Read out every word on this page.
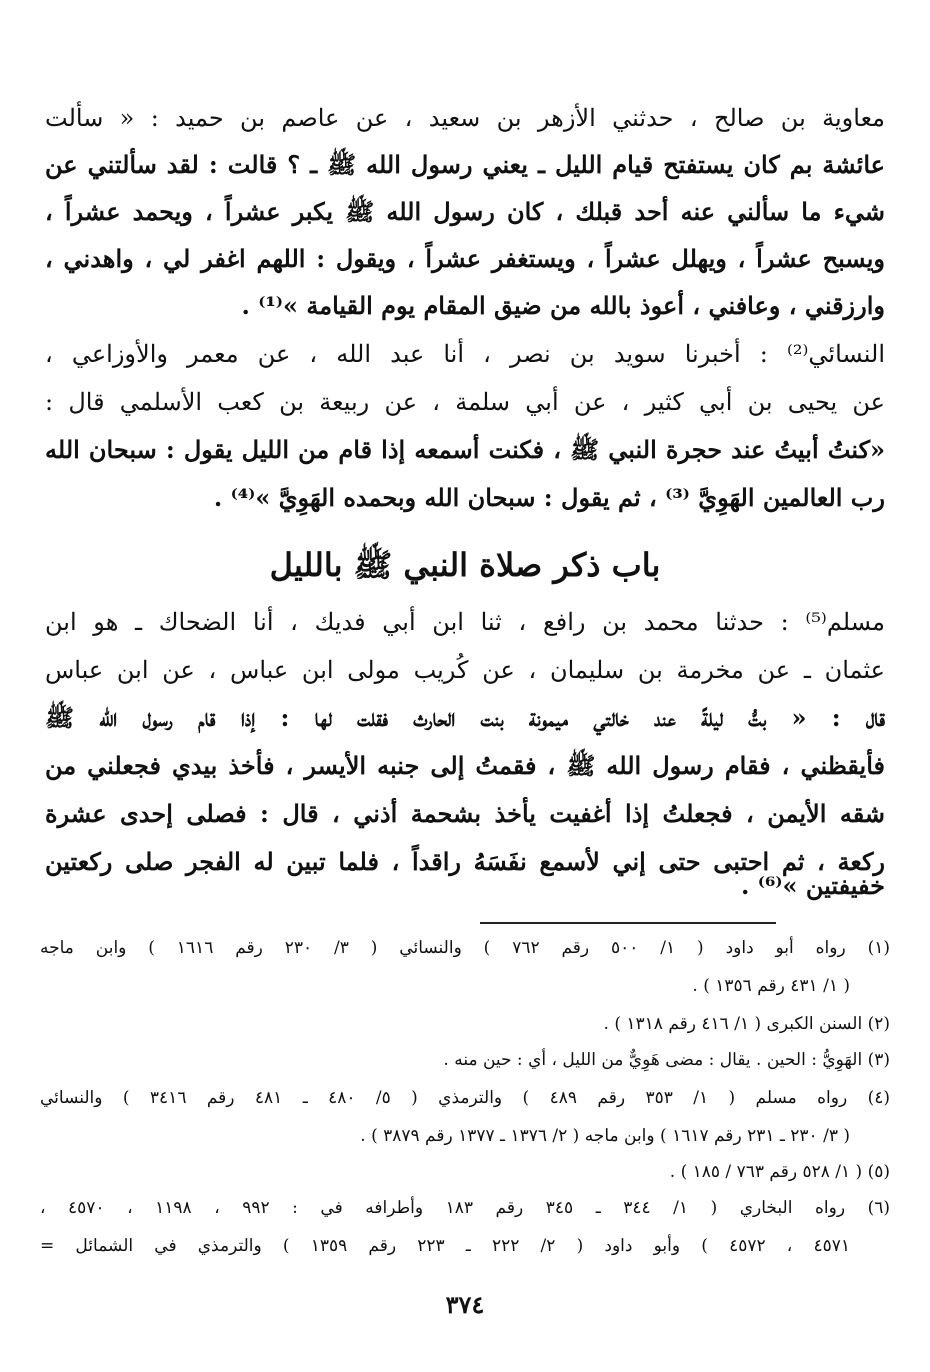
معاوية بن صالح ، حدثني الأزهر بن سعيد ، عن عاصم بن حميد : « سألت
عائشة بم كان يستفتح قيام الليل ـ يعني رسول الله ﷺ ـ ؟ قالت : لقد سألتني عن
شيء ما سألني عنه أحد قبلك ، كان رسول الله ﷺ يكبر عشراً ، ويحمد عشراً ،
ويسبح عشراً ، ويهلل عشراً ، ويستغفر عشراً ، ويقول : اللهم اغفر لي ، واهدني ،
وارزقني ، وعافني ، أعوذ بالله من ضيق المقام يوم القيامة »⁽¹⁾ .
النسائي⁽²⁾ : أخبرنا سويد بن نصر ، أنا عبد الله ، عن معمر والأوزاعي ،
عن يحيى بن أبي كثير ، عن أبي سلمة ، عن ربيعة بن كعب الأسلمي قال :
«كنتُ أبيتُ عند حجرة النبي ﷺ ، فكنت أسمعه إذا قام من الليل يقول : سبحان الله
رب العالمين الهَوِيَّ ⁽³⁾ ، ثم يقول : سبحان الله وبحمده الهَوِيَّ »⁽⁴⁾ .
باب ذكر صلاة النبي ﷺ بالليل
مسلم⁽⁵⁾ : حدثنا محمد بن رافع ، ثنا ابن أبي فديك ، أنا الضحاك ـ هو ابن
عثمان ـ عن مخرمة بن سليمان ، عن كُريب مولى ابن عباس ، عن ابن عباس
قال : « بتُّ ليلةً عند خالتي ميمونة بنت الحارث فقلت لها : إذا قام رسول الله ﷺ
فأيقظني ، فقام رسول الله ﷺ ، فقمتُ إلى جنبه الأيسر ، فأخذ بيدي فجعلني من
شقه الأيمن ، فجعلتُ إذا أغفيت يأخذ بشحمة أذني ، قال : فصلى إحدى عشرة
ركعة ، ثم احتبى حتى إني لأسمع نفَسَهُ راقداً ، فلما تبين له الفجر صلى ركعتين
خفيفتين »⁽⁶⁾ .
(١) رواه أبو داود ( ١/ ٥٠٠ رقم ٧٦٢ ) والنسائي ( ٣/ ٢٣٠ رقم ١٦١٦ ) وابن ماجه
( ١/ ٤٣١ رقم ١٣٥٦ ) .
(٢) السنن الكبرى ( ١/ ٤١٦ رقم ١٣١٨ ) .
(٣) الهَوِيُّ : الحين . يقال : مضى هَوِيٌّ من الليل ، أي : حين منه .
(٤) رواه مسلم ( ١/ ٣٥٣ رقم ٤٨٩ ) والترمذي ( ٥/ ٤٨٠ ـ ٤٨١ رقم ٣٤١٦ ) والنسائي
( ٣/ ٢٣٠ ـ ٢٣١ رقم ١٦١٧ ) وابن ماجه ( ٢/ ١٣٧٦ ـ ١٣٧٧ رقم ٣٨٧٩ ) .
(٥) ( ١/ ٥٢٨ رقم ٧٦٣ / ١٨٥ ) .
(٦) رواه البخاري ( ١/ ٣٤٤ ـ ٣٤٥ رقم ١٨٣ وأطرافه في : ٩٩٢ ، ١١٩٨ ، ٤٥٧٠ ،
٤٥٧١ ، ٤٥٧٢ ) وأبو داود ( ٢/ ٢٢٢ ـ ٢٢٣ رقم ١٣٥٩ ) والترمذي في الشمائل =
٣٧٤
